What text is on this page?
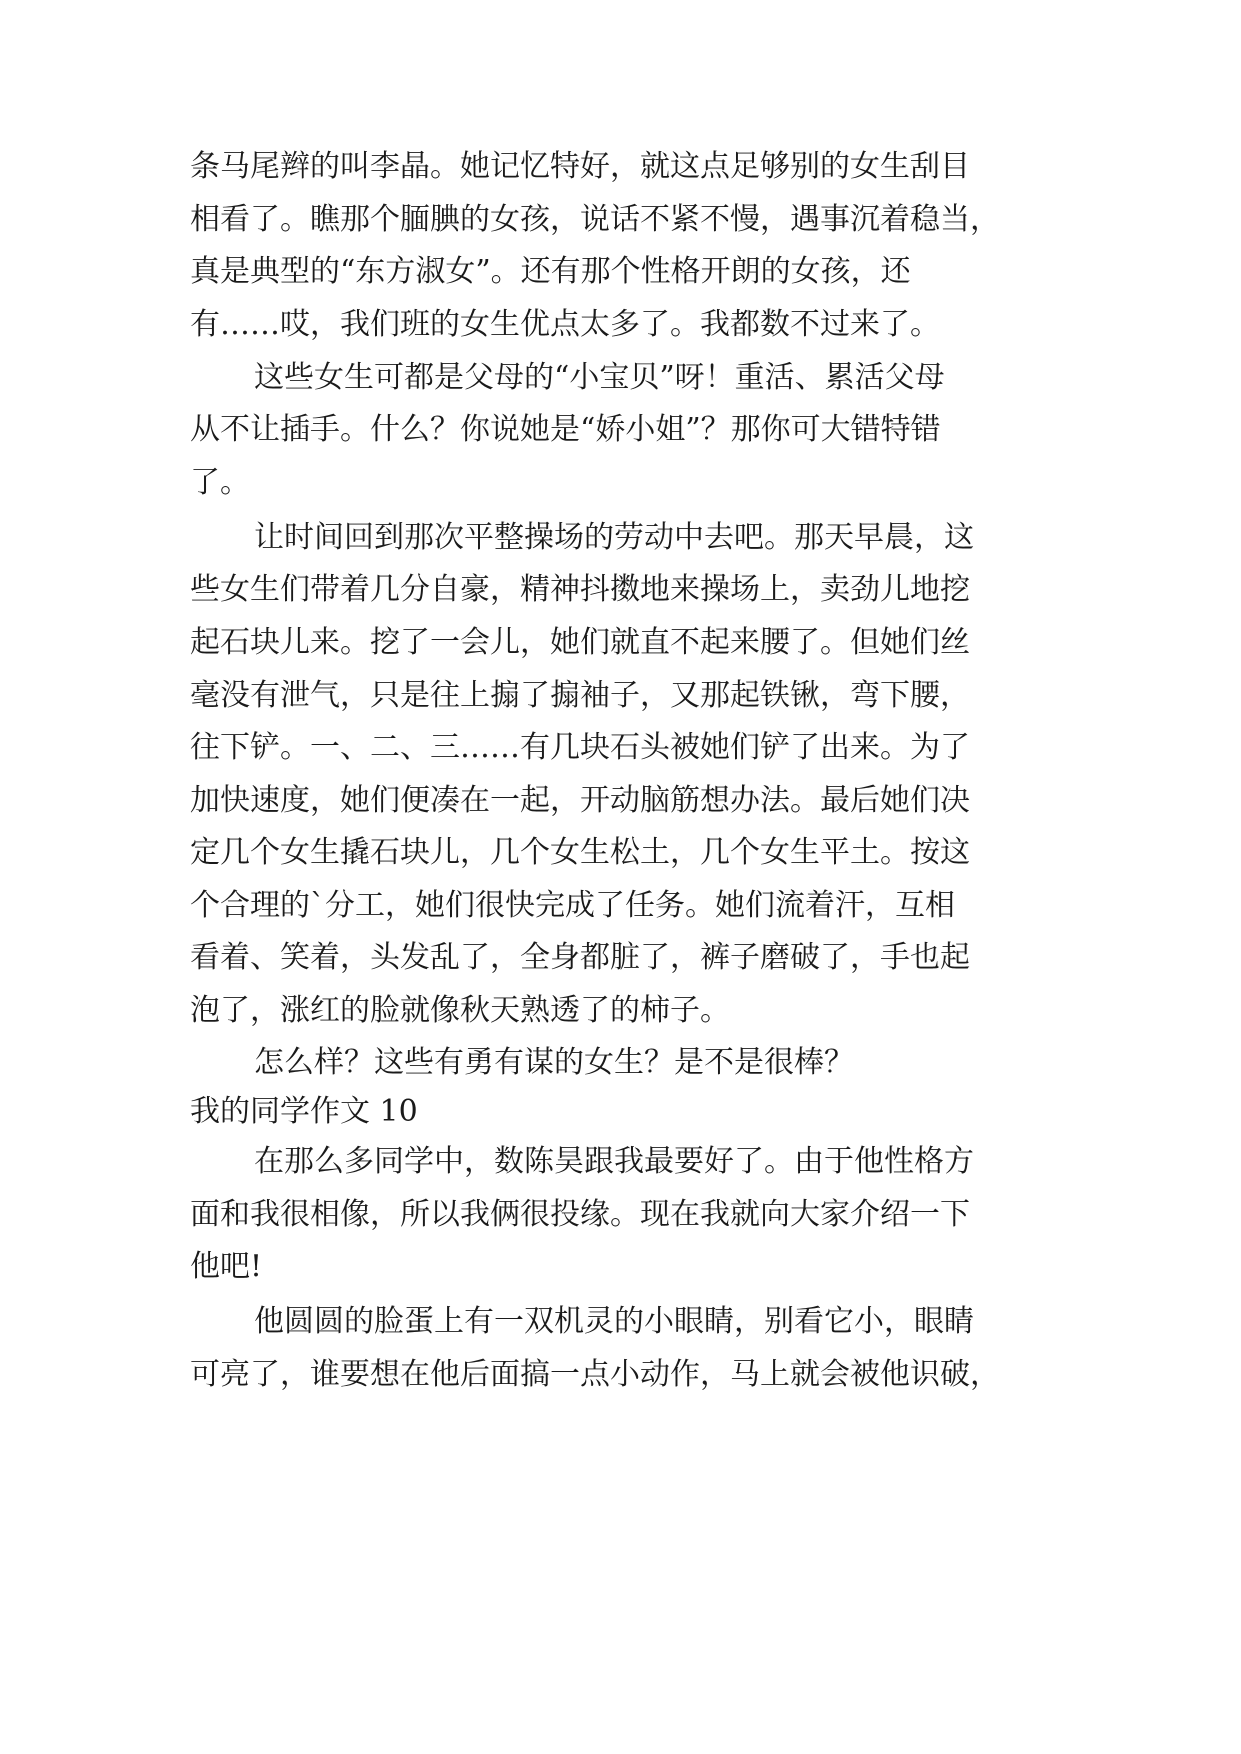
条马尾辫的叫李晶。她记忆特好，就这点足够别的女生刮目
相看了。瞧那个腼腆的女孩，说话不紧不慢，遇事沉着稳当，
真是典型的“东方淑女”。还有那个性格开朗的女孩，还
有……哎，我们班的女生优点太多了。我都数不过来了。
这些女生可都是父母的“小宝贝”呀！重活、累活父母
从不让插手。什么？你说她是“娇小姐”？那你可大错特错
了。
让时间回到那次平整操场的劳动中去吧。那天早晨，这
些女生们带着几分自豪，精神抖擞地来操场上，卖劲儿地挖
起石块儿来。挖了一会儿，她们就直不起来腰了。但她们丝
毫没有泄气，只是往上搧了搧袖子，又那起铁锹，弯下腰，
往下铲。一、二、三……有几块石头被她们铲了出来。为了
加快速度，她们便凑在一起，开动脑筋想办法。最后她们决
定几个女生撬石块儿，几个女生松土，几个女生平土。按这
个合理的`分工，她们很快完成了任务。她们流着汗，互相
看着、笑着，头发乱了，全身都脏了，裤子磨破了，手也起
泡了，涨红的脸就像秋天熟透了的柿子。
怎么样？这些有勇有谋的女生？是不是很棒？
我的同学作文 10
在那么多同学中，数陈昊跟我最要好了。由于他性格方
面和我很相像，所以我俩很投缘。现在我就向大家介绍一下
他吧!
他圆圆的脸蛋上有一双机灵的小眼睛，别看它小，眼睛
可亮了，谁要想在他后面搞一点小动作，马上就会被他识破，
